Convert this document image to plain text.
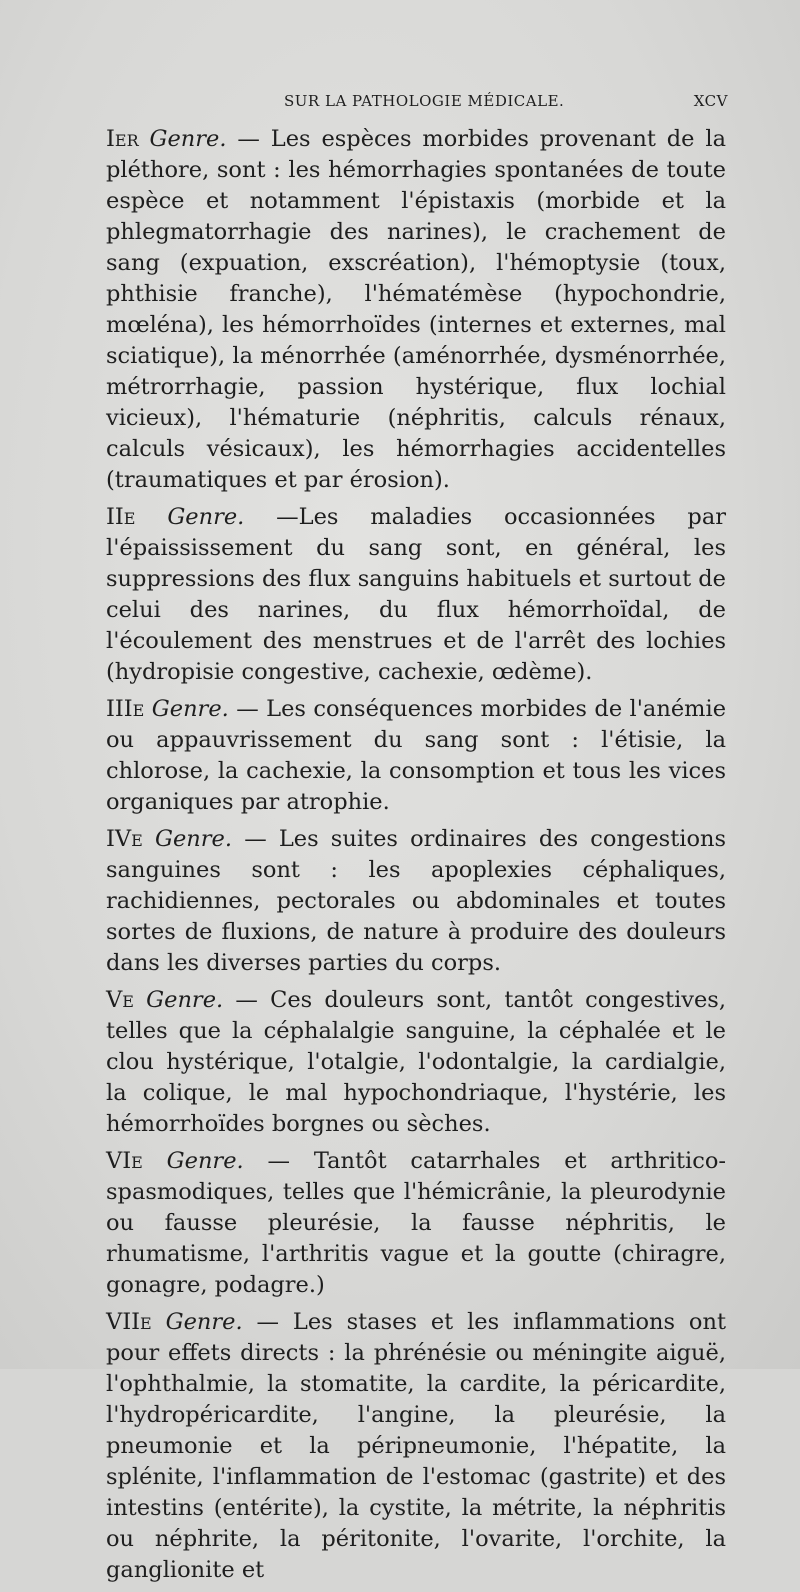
SUR LA PATHOLOGIE MÉDICALE.	XCV

Ier Genre. — Les espèces morbides provenant de la pléthore, sont : les hémorrhagies spontanées de toute espèce et notamment l'épistaxis (morbide et la phlegmatorrhagie des narines), le crachement de sang (expuation, exscréation), l'hémoptysie (toux, phthisie franche), l'hématémèse (hypochondrie, mœléna), les hémorrhoïdes (internes et externes, mal sciatique), la ménorrhée (aménorrhée, dysménorrhée, métrorrhagie, passion hystérique, flux lochial vicieux), l'hématurie (néphritis, calculs rénaux, calculs vésicaux), les hémorrhagies accidentelles (traumatiques et par érosion).

IIe Genre. —Les maladies occasionnées par l'épaississement du sang sont, en général, les suppressions des flux sanguins habituels et surtout de celui des narines, du flux hémorrhoïdal, de l'écoulement des menstrues et de l'arrêt des lochies (hydropisie congestive, cachexie, œdème).

IIIe Genre. — Les conséquences morbides de l'anémie ou appauvrissement du sang sont : l'étisie, la chlorose, la cachexie, la consomption et tous les vices organiques par atrophie.

IVe Genre. — Les suites ordinaires des congestions sanguines sont : les apoplexies céphaliques, rachidiennes, pectorales ou abdominales et toutes sortes de fluxions, de nature à produire des douleurs dans les diverses parties du corps.

Ve Genre. — Ces douleurs sont, tantôt congestives, telles que la céphalalgie sanguine, la céphalée et le clou hystérique, l'otalgie, l'odontalgie, la cardialgie, la colique, le mal hypochondriaque, l'hystérie, les hémorrhoïdes borgnes ou sèches.

VIe Genre. — Tantôt catarrhales et arthritico-spasmodiques, telles que l'hémicrânie, la pleurodynie ou fausse pleurésie, la fausse néphritis, le rhumatisme, l'arthritis vague et la goutte (chiragre, gonagre, podagre.)

VIIe Genre. — Les stases et les inflammations ont pour effets directs : la phrénésie ou méningite aiguë, l'ophthalmie, la stomatite, la cardite, la péricardite, l'hydropéricardite, l'angine, la pleurésie, la pneumonie et la péripneumonie, l'hépatite, la splénite, l'inflammation de l'estomac (gastrite) et des intestins (entérite), la cystite, la métrite, la néphritis ou néphrite, la péritonite, l'ovarite, l'orchite, la ganglionite et
